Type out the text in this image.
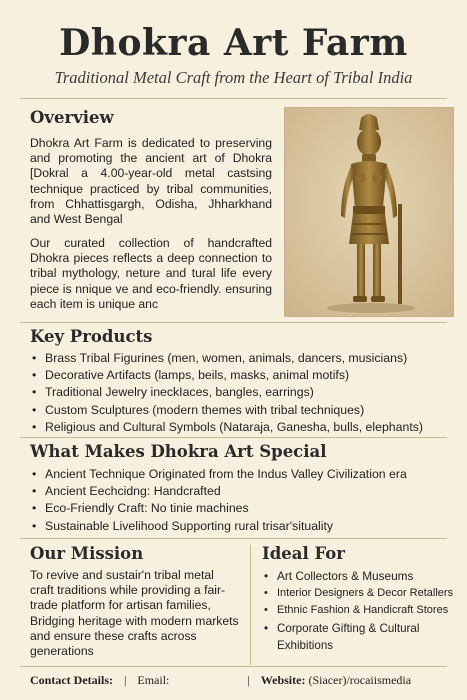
Dhokra Art Farm
Traditional Metal Craft from the Heart of Tribal India
Overview

Dhokra Art Farm is dedicated to preserving and promoting the ancient art of Dhokra [Dokral a 4.00-year-old metal castsing technique practiced by tribal communities, from Chhattisgargh, Odisha, Jhharkhand and West Bengal

Our curated collection of handcrafted Dhokra pieces reflects a deep connection to tribal mythology, neture and tural life every piece is nnique ve and eco-friendly. ensuring each item is unique anc

Key Products
• Brass Tribal Figurines (men, women, animals, dancers, musicians)
• Decorative Artifacts (lamps, beils, masks, animal motifs)
• Traditional Jewelry ineckIaces, bangles, earrings)
• Custom Sculptures (modern themes with tribal techniques)
• Religious and Cultural Symbols (Nataraja, Ganesha, bulls, elephants)
What Makes Dhokra Art Special
• Ancient Technique Originated from the Indus Valley Civilization era
• Ancient Eechcidng: Handcrafted
• Eco-Friendly Craft: No tinie machines
• Sustainable Livelihood Supporting rural trisar'situality
Our Mission

To revive and sustair'n tribal metal craft traditions while providing a fair-trade platform for artisan families, Bridging heritage with modern markets and ensure these crafts across generations

Ideal For
• Art Collectors & Museums
• Interior Designers & Decor Retallers
• Ethnic Fashion & Handicraft Stores
• Corporate Gifting & Cultural Exhibitions
Contact Details: | Email:	| Website: (Siacer)/rocaiismedia
